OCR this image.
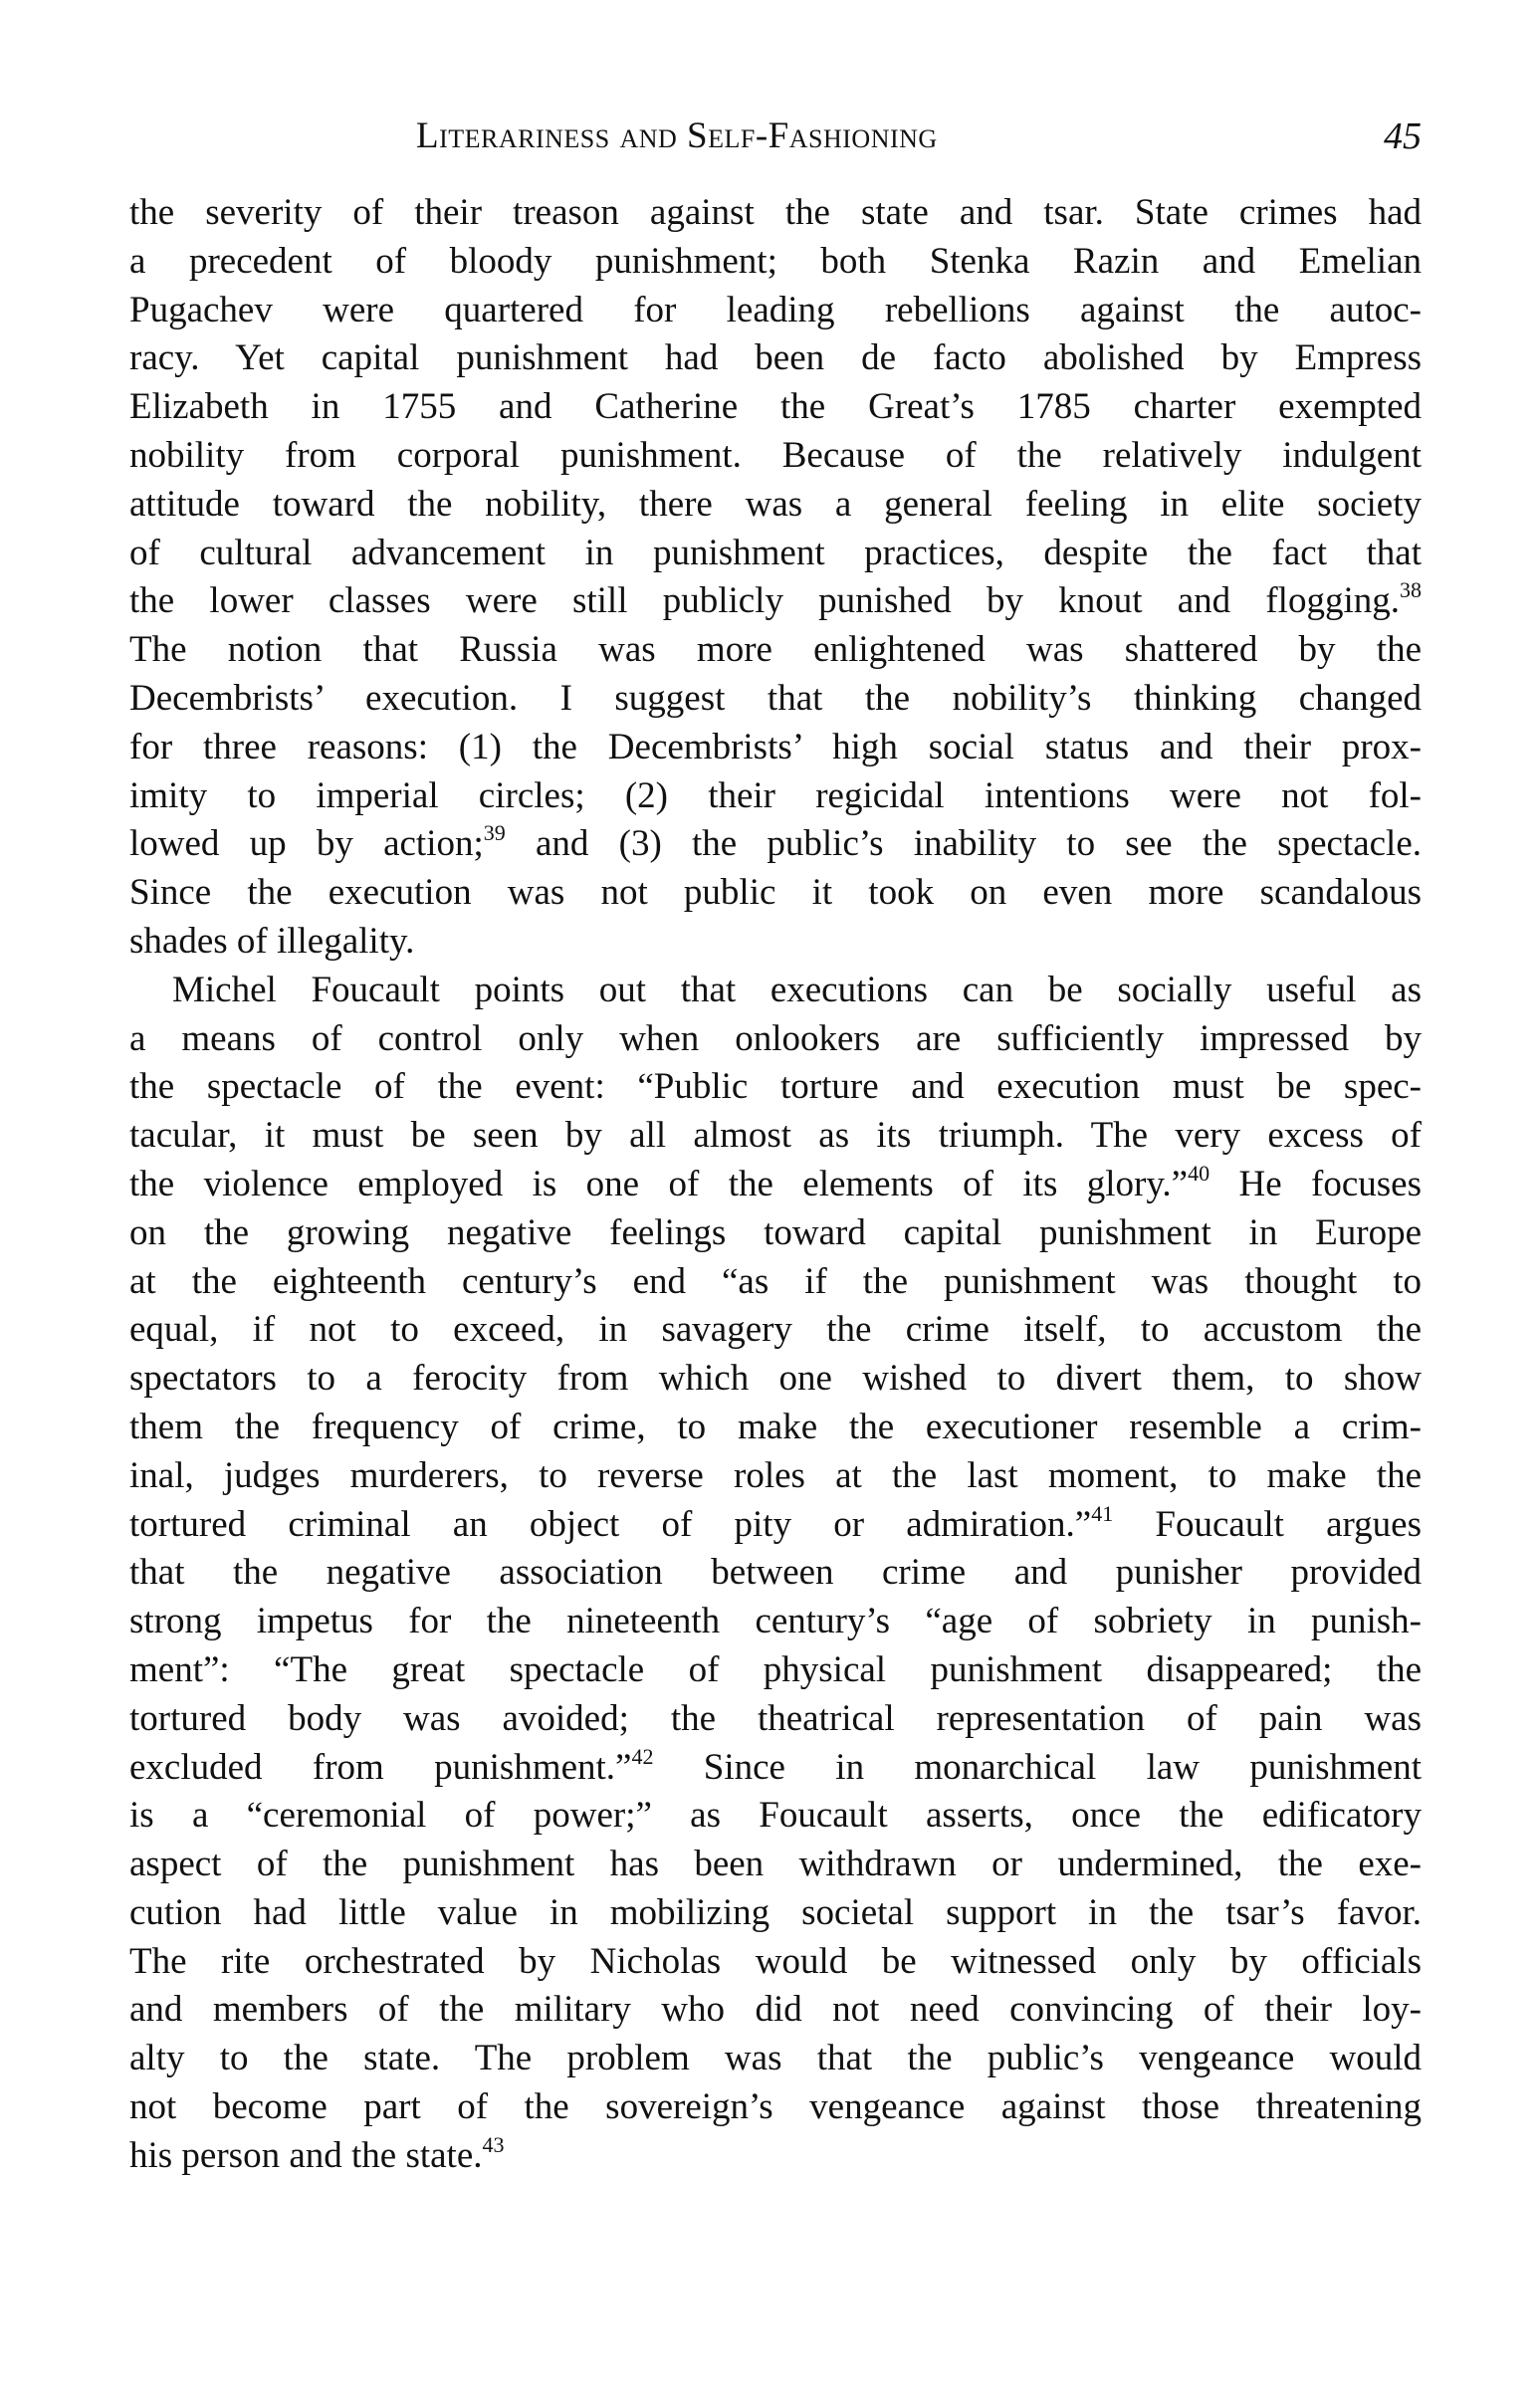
Literariness and Self-Fashioning	45
the severity of their treason against the state and tsar. State crimes had
a precedent of bloody punishment; both Stenka Razin and Emelian
Pugachev were quartered for leading rebellions against the autoc-
racy. Yet capital punishment had been de facto abolished by Empress
Elizabeth in 1755 and Catherine the Great’s 1785 charter exempted
nobility from corporal punishment. Because of the relatively indulgent
attitude toward the nobility, there was a general feeling in elite society
of cultural advancement in punishment practices, despite the fact that
the lower classes were still publicly punished by knout and flogging.$^{38}$
The notion that Russia was more enlightened was shattered by the
Decembrists’ execution. I suggest that the nobility’s thinking changed
for three reasons: (1) the Decembrists’ high social status and their prox-
imity to imperial circles; (2) their regicidal intentions were not fol-
lowed up by action;$^{39}$ and (3) the public’s inability to see the spectacle.
Since the execution was not public it took on even more scandalous
shades of illegality.
Michel Foucault points out that executions can be socially useful as
a means of control only when onlookers are sufficiently impressed by
the spectacle of the event: “Public torture and execution must be spec-
tacular, it must be seen by all almost as its triumph. The very excess of
the violence employed is one of the elements of its glory.”$^{40}$ He focuses
on the growing negative feelings toward capital punishment in Europe
at the eighteenth century’s end “as if the punishment was thought to
equal, if not to exceed, in savagery the crime itself, to accustom the
spectators to a ferocity from which one wished to divert them, to show
them the frequency of crime, to make the executioner resemble a crim-
inal, judges murderers, to reverse roles at the last moment, to make the
tortured criminal an object of pity or admiration.”$^{41}$ Foucault argues
that the negative association between crime and punisher provided
strong impetus for the nineteenth century’s “age of sobriety in punish-
ment”: “The great spectacle of physical punishment disappeared; the
tortured body was avoided; the theatrical representation of pain was
excluded from punishment.”$^{42}$ Since in monarchical law punishment
is a “ceremonial of power;” as Foucault asserts, once the edificatory
aspect of the punishment has been withdrawn or undermined, the exe-
cution had little value in mobilizing societal support in the tsar’s favor.
The rite orchestrated by Nicholas would be witnessed only by officials
and members of the military who did not need convincing of their loy-
alty to the state. The problem was that the public’s vengeance would
not become part of the sovereign’s vengeance against those threatening
his person and the state.$^{43}$
